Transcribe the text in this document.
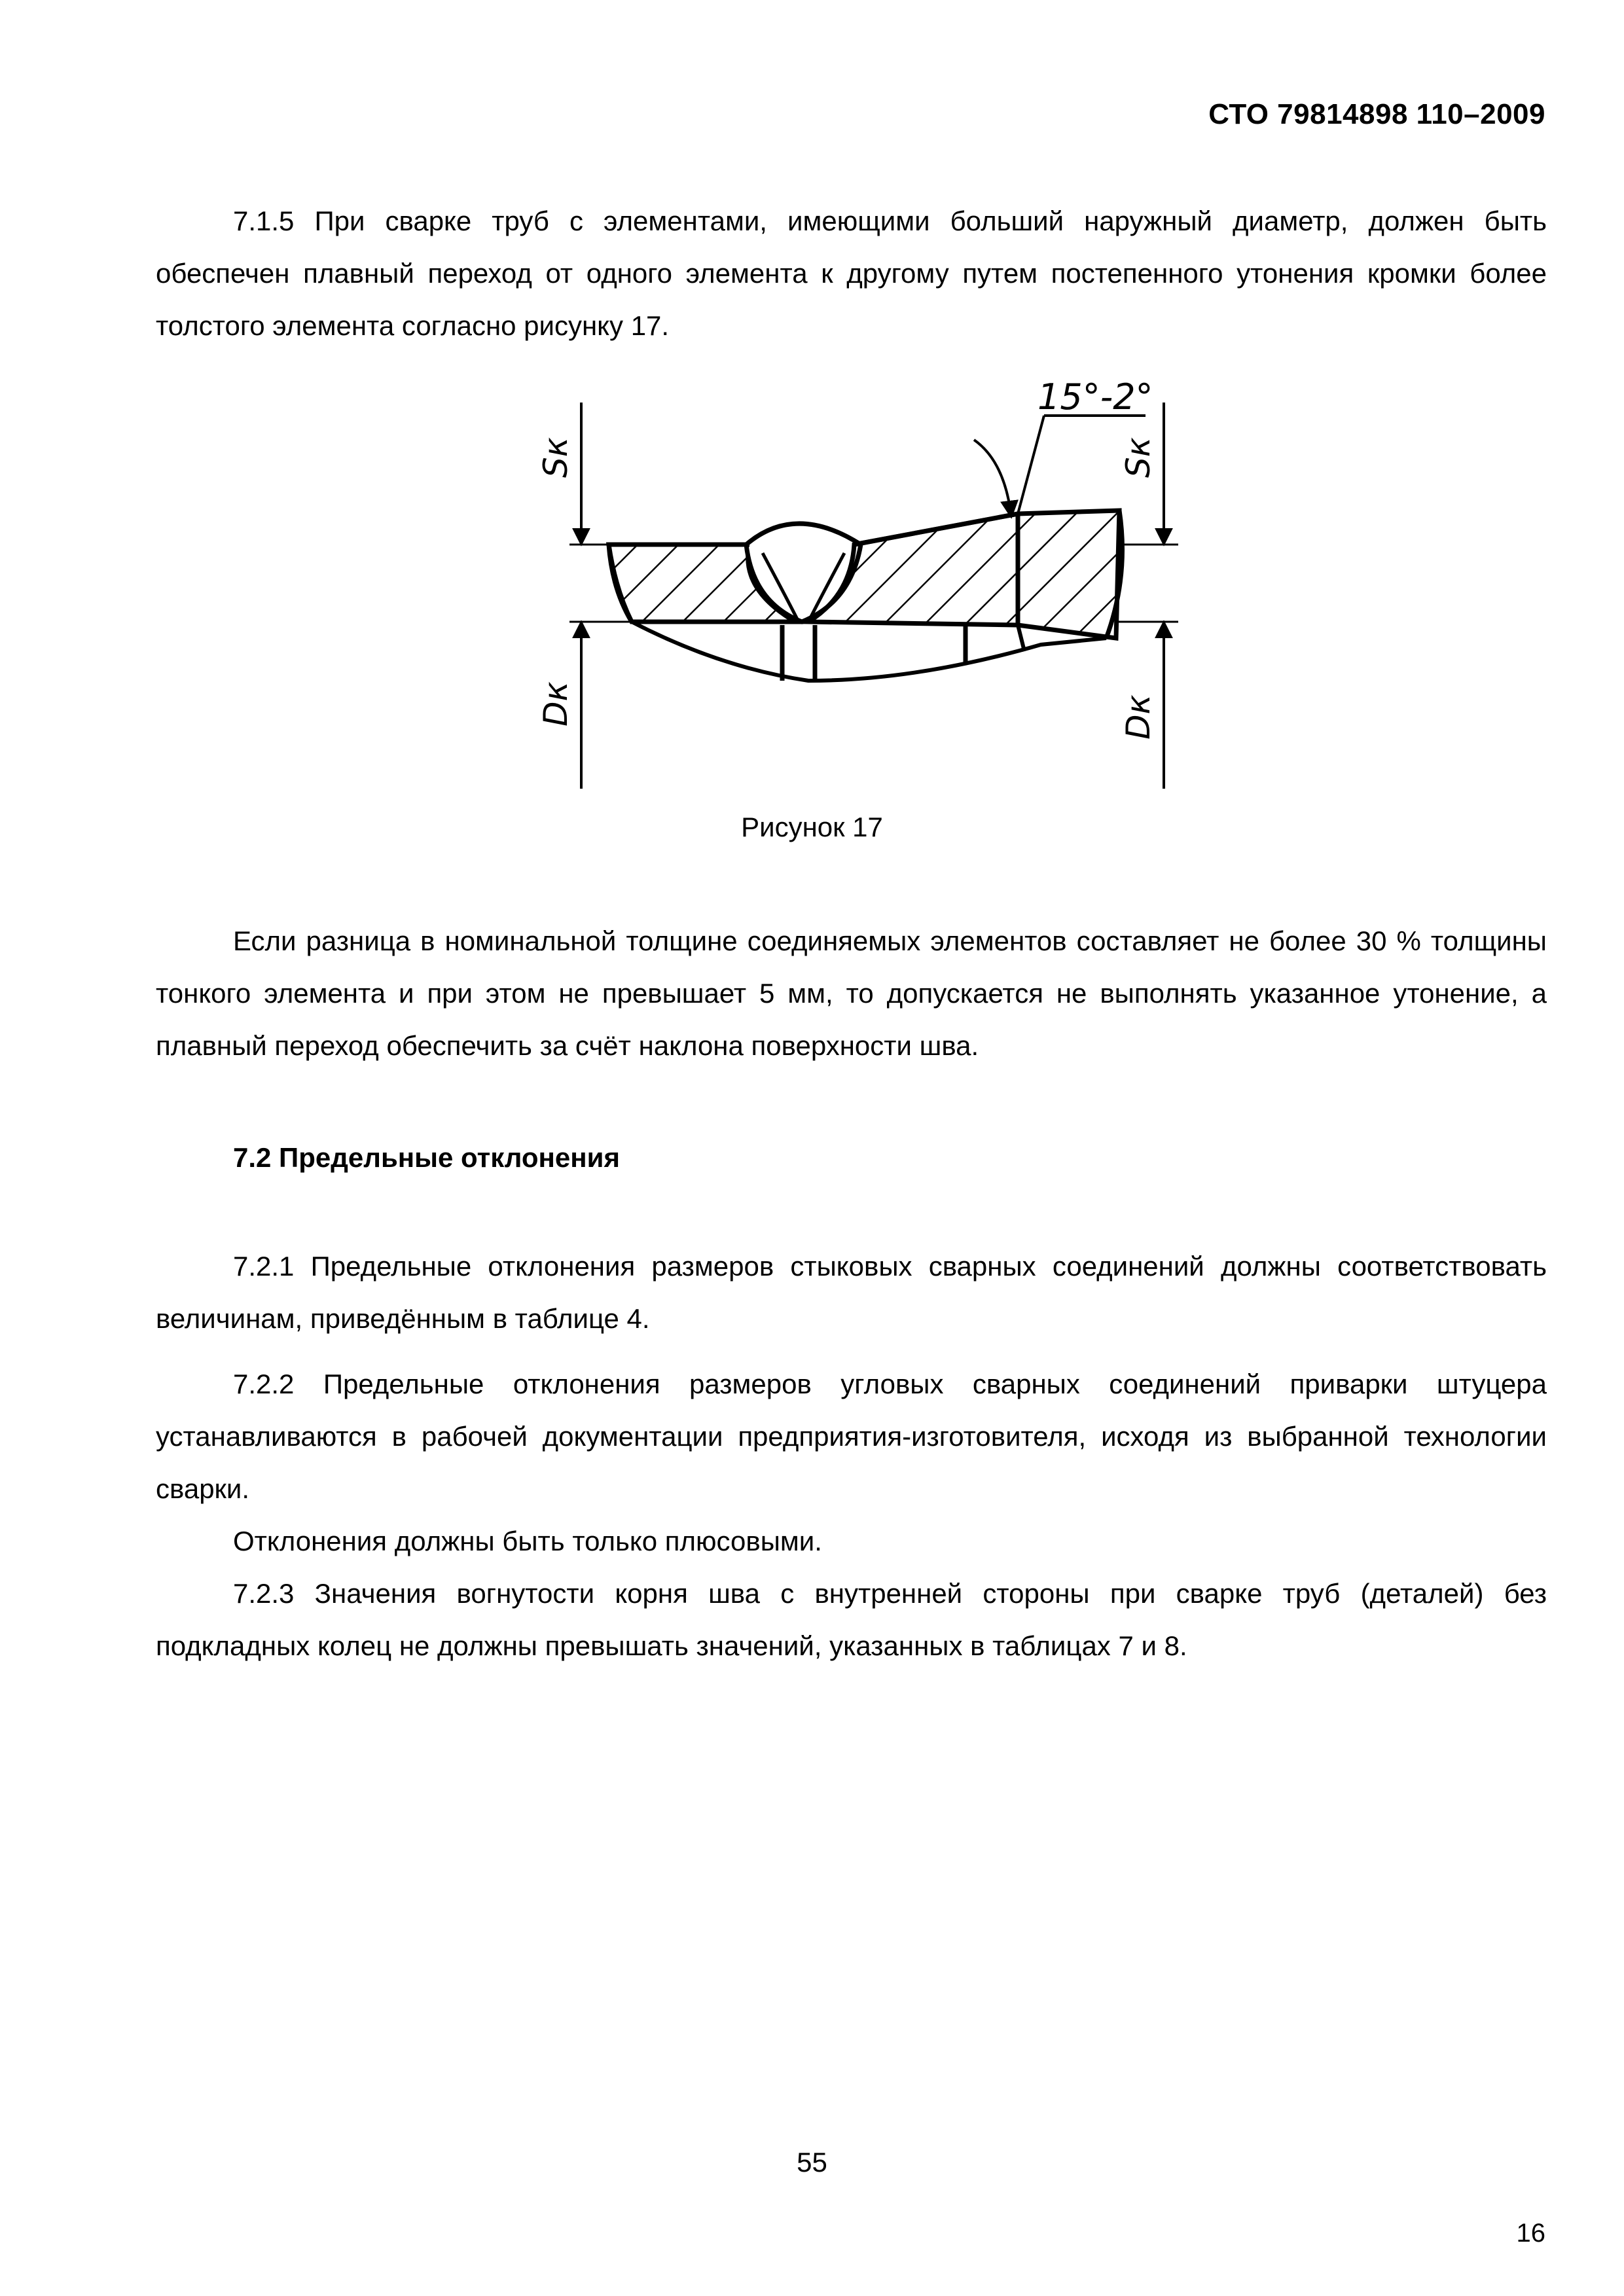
СТО 79814898 110–2009

7.1.5 При сварке труб с элементами, имеющими больший наружный диаметр, должен быть обеспечен плавный переход от одного элемента к другому путем постепенного утонения кромки более толстого элемента согласно рисунку 17.

15°-2°
Sк	Sк
Dк	Dк
Рисунок 17

Если разница в номинальной толщине соединяемых элементов составляет не более 30 % толщины тонкого элемента и при этом не превышает 5 мм, то допускается не выполнять указанное утонение, а плавный переход обеспечить за счёт наклона поверхности шва.

7.2 Предельные отклонения

7.2.1 Предельные отклонения размеров стыковых сварных соединений должны соответствовать величинам, приведённым в таблице 4.

7.2.2 Предельные отклонения размеров угловых сварных соединений приварки штуцера устанавливаются в рабочей документации предприятия-изготовителя, исходя из выбранной технологии сварки.

Отклонения должны быть только плюсовыми.

7.2.3 Значения вогнутости корня шва с внутренней стороны при сварке труб (деталей) без подкладных колец не должны превышать значений, указанных в таблицах 7 и 8.

55
16
